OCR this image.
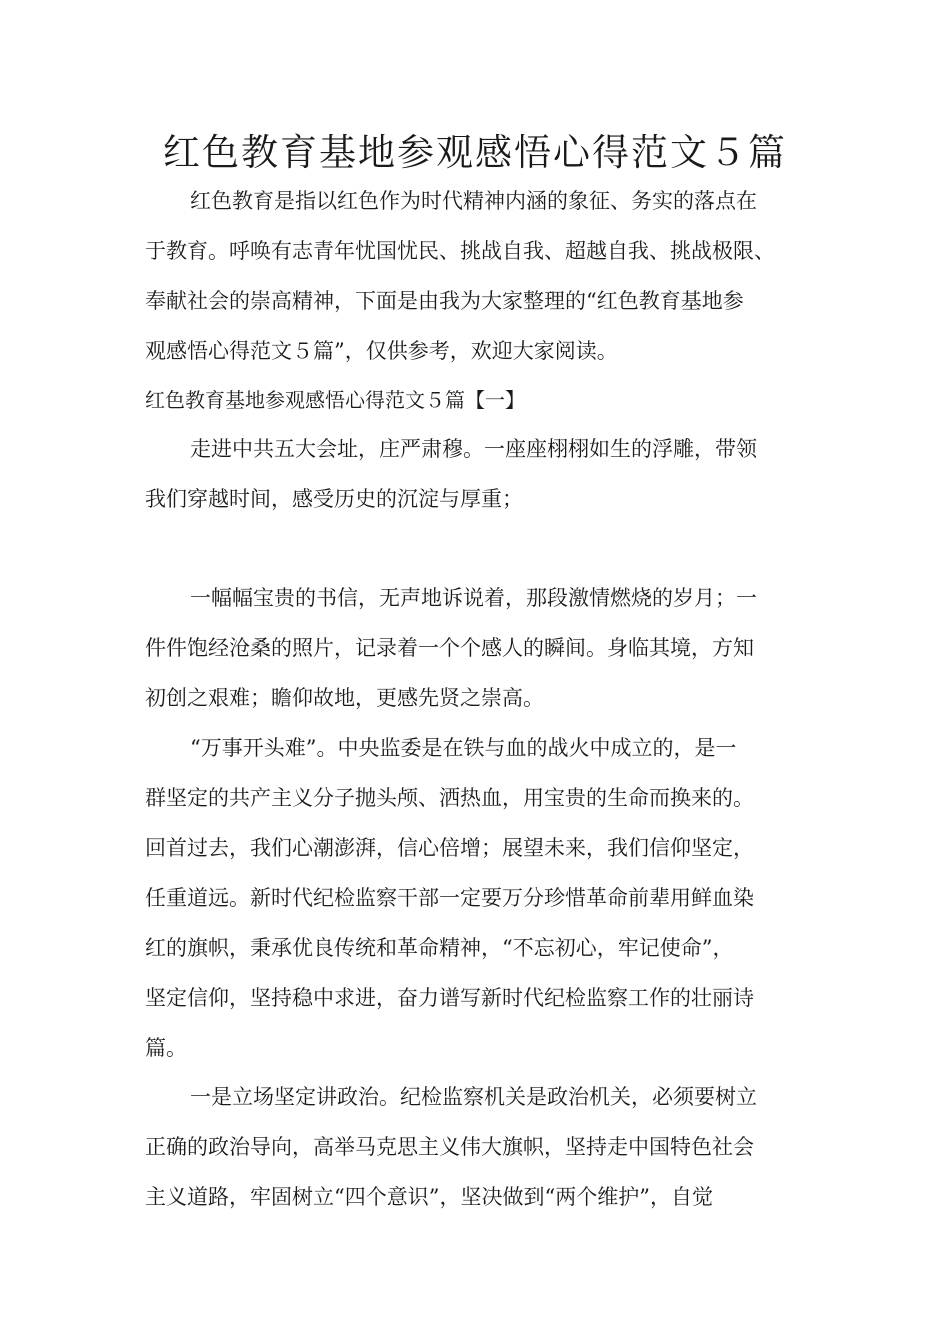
红色教育基地参观感悟心得范文５篇

红色教育是指以红色作为时代精神内涵的象征、务实的落点在

于教育。呼唤有志青年忧国忧民、挑战自我、超越自我、挑战极限、

奉献社会的崇高精神，下面是由我为大家整理的“红色教育基地参

观感悟心得范文５篇”，仅供参考，欢迎大家阅读。

红色教育基地参观感悟心得范文５篇【一】

走进中共五大会址，庄严肃穆。一座座栩栩如生的浮雕，带领

我们穿越时间，感受历史的沉淀与厚重；

一幅幅宝贵的书信，无声地诉说着，那段激情燃烧的岁月；一

件件饱经沧桑的照片，记录着一个个感人的瞬间。身临其境，方知

初创之艰难；瞻仰故地，更感先贤之崇高。

“万事开头难”。中央监委是在铁与血的战火中成立的，是一

群坚定的共产主义分子抛头颅、洒热血，用宝贵的生命而换来的。

回首过去，我们心潮澎湃，信心倍增；展望未来，我们信仰坚定，

任重道远。新时代纪检监察干部一定要万分珍惜革命前辈用鲜血染

红的旗帜，秉承优良传统和革命精神，“不忘初心，牢记使命”，

坚定信仰，坚持稳中求进，奋力谱写新时代纪检监察工作的壮丽诗

篇。

一是立场坚定讲政治。纪检监察机关是政治机关，必须要树立

正确的政治导向，高举马克思主义伟大旗帜，坚持走中国特色社会

主义道路，牢固树立“四个意识”，坚决做到“两个维护”，自觉
